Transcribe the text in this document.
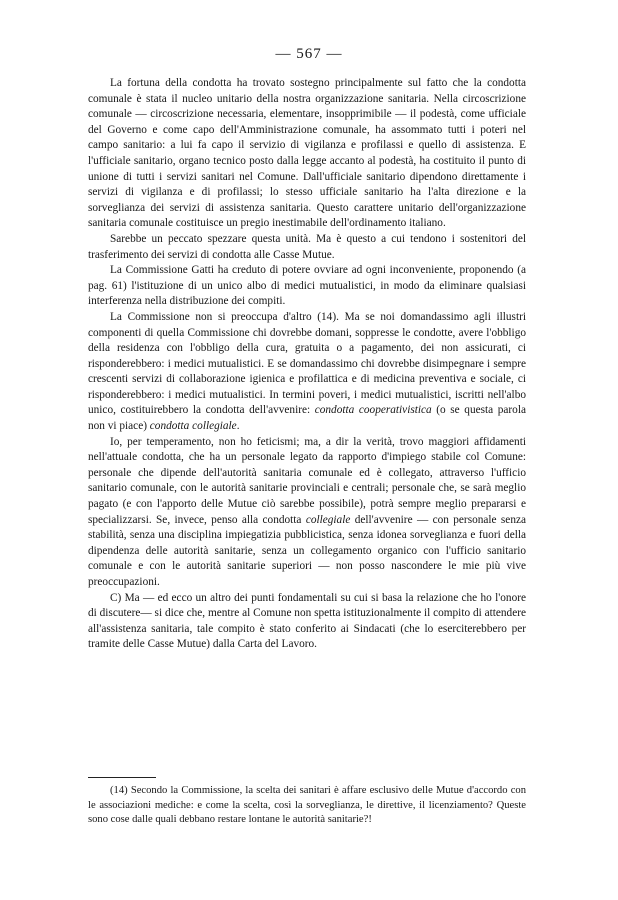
— 567 —

La fortuna della condotta ha trovato sostegno principalmente sul fatto che la condotta comunale è stata il nucleo unitario della nostra organizzazione sanitaria. Nella circoscrizione comunale — circoscrizione necessaria, elementare, insopprimibile — il podestà, come ufficiale del Governo e come capo dell'Amministrazione comunale, ha assommato tutti i poteri nel campo sanitario: a lui fa capo il servizio di vigilanza e profilassi e quello di assistenza. E l'ufficiale sanitario, organo tecnico posto dalla legge accanto al podestà, ha costituito il punto di unione di tutti i servizi sanitari nel Comune. Dall'ufficiale sanitario dipendono direttamente i servizi di vigilanza e di profilassi; lo stesso ufficiale sanitario ha l'alta direzione e la sorveglianza dei servizi di assistenza sanitaria. Questo carattere unitario dell'organizzazione sanitaria comunale costituisce un pregio inestimabile dell'ordinamento italiano.

Sarebbe un peccato spezzare questa unità. Ma è questo a cui tendono i sostenitori del trasferimento dei servizi di condotta alle Casse Mutue.

La Commissione Gatti ha creduto di potere ovviare ad ogni inconveniente, proponendo (a pag. 61) l'istituzione di un unico albo di medici mutualistici, in modo da eliminare qualsiasi interferenza nella distribuzione dei compiti.

La Commissione non si preoccupa d'altro (14). Ma se noi domandassimo agli illustri componenti di quella Commissione chi dovrebbe domani, soppresse le condotte, avere l'obbligo della residenza con l'obbligo della cura, gratuita o a pagamento, dei non assicurati, ci risponderebbero: i medici mutualistici. E se domandassimo chi dovrebbe disimpegnare i sempre crescenti servizi di collaborazione igienica e profilattica e di medicina preventiva e sociale, ci risponderebbero: i medici mutualistici. In termini poveri, i medici mutualistici, iscritti nell'albo unico, costituirebbero la condotta dell'avvenire: condotta cooperativistica (o se questa parola non vi piace) condotta collegiale.

Io, per temperamento, non ho feticismi; ma, a dir la verità, trovo maggiori affidamenti nell'attuale condotta, che ha un personale legato da rapporto d'impiego stabile col Comune: personale che dipende dell'autorità sanitaria comunale ed è collegato, attraverso l'ufficio sanitario comunale, con le autorità sanitarie provinciali e centrali; personale che, se sarà meglio pagato (e con l'apporto delle Mutue ciò sarebbe possibile), potrà sempre meglio prepararsi e specializzarsi. Se, invece, penso alla condotta collegiale dell'avvenire — con personale senza stabilità, senza una disciplina impiegatizia pubblicistica, senza idonea sorveglianza e fuori della dipendenza delle autorità sanitarie, senza un collegamento organico con l'ufficio sanitario comunale e con le autorità sanitarie superiori — non posso nascondere le mie più vive preoccupazioni.

C) Ma — ed ecco un altro dei punti fondamentali su cui si basa la relazione che ho l'onore di discutere— si dice che, mentre al Comune non spetta istituzionalmente il compito di attendere all'assistenza sanitaria, tale compito è stato conferito ai Sindacati (che lo eserciterebbero per tramite delle Casse Mutue) dalla Carta del Lavoro.

(14) Secondo la Commissione, la scelta dei sanitari è affare esclusivo delle Mutue d'accordo con le associazioni mediche: e come la scelta, così la sorveglianza, le direttive, il licenziamento? Queste sono cose dalle quali debbano restare lontane le autorità sanitarie?!
